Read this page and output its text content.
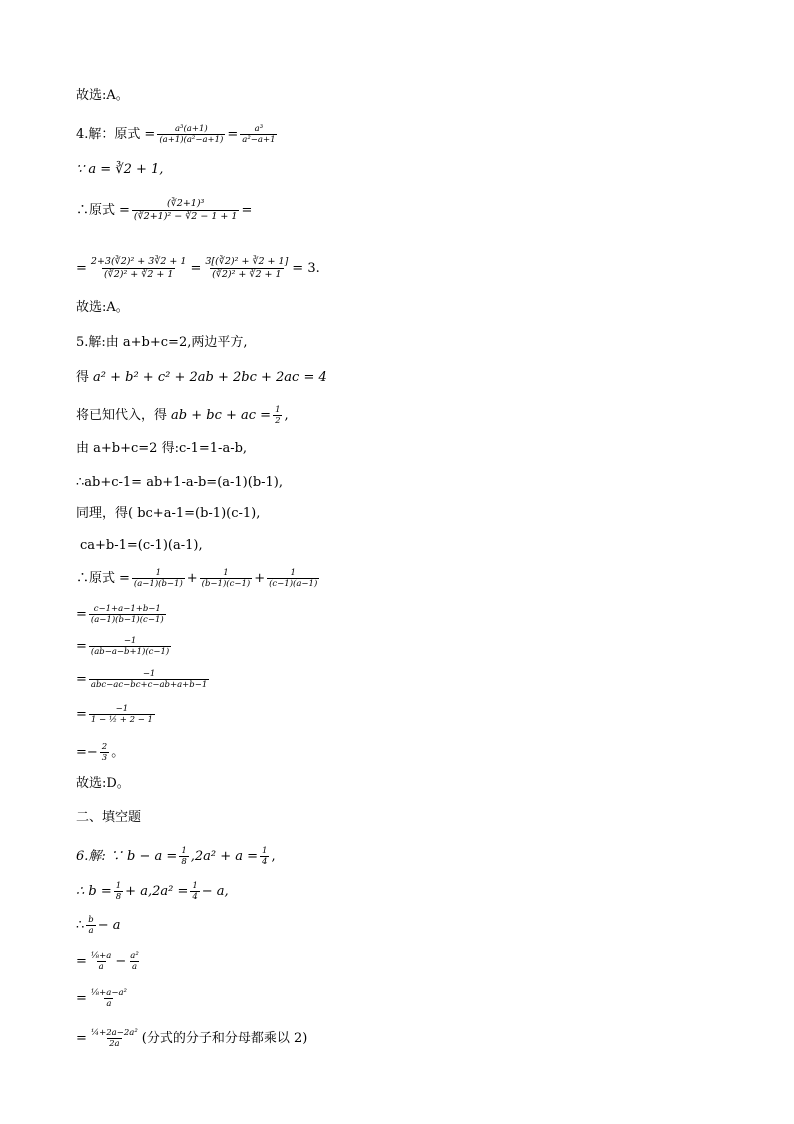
故选:A。
4.解：原式 = $\frac{\text{a³(a+1)}}{\text{(a+1)(a²−a+1)}} = \frac{\text{a³}}{\text{a²−a+1}}$
∵ a = ∛2 + 1,
∴原式 = $\frac{\text{(∛2+1)³}}{\text{(∛2+1)² − ∛2 − 1 + 1}}$ =
= $\frac{\text{2+3(∛2)² + 3∛2 + 1}}{\text{(∛2)² + ∛2 + 1}} = \frac{\text{3[(∛2)² + ∛2 + 1]}}{\text{(∛2)² + ∛2 + 1}} = 3$.
故选:A。
5.解:由 a+b+c=2,两边平方,
得 a² + b² + c² + 2ab + 2bc + 2ac = 4
将已知代入，得 ab + bc + ac = $\frac{1}{2}$ ,
由 a+b+c=2 得:c-1=1-a-b,
∴ab+c-1= ab+1-a-b=(a-1)(b-1),
同理，得( bc+a-1=(b-1)(c-1),
ca+b-1=(c-1)(a-1),
∴原式 = $\frac{1}{(a-1)(b-1)} + \frac{1}{(b-1)(c-1)} + \frac{1}{(c-1)(a-1)}$
= $\frac{c-1+a-1+b-1}{(a-1)(b-1)(c-1)}$
= $\frac{-1}{(ab-a-b+1)(c-1)}$
=	−1
abc−ac−bc+c−ab+a+b−1
= $\frac{-1}{\text{1 − ½ + 2 − 1}}$
=− $\frac{2}{3}$ 。
故选:D。
二、填空题
6.解: ∵ $b - a = \frac{1}{8} ,2a^2 + a = \frac{1}{4}$ ,
∴ $b = \frac{1}{8} + a,2a^2 = \frac{1}{4} - a$,
∴ $\frac{b}{a} - a$
= $\frac{\text{⅛+a}}{a} - \frac{\text{a²}}{a}$
= $\frac{\text{⅛+a−a²}}{a}$
= $\frac{\text{¼+2a−2a²}}{2a}$ (分式的分子和分母都乘以 2)
